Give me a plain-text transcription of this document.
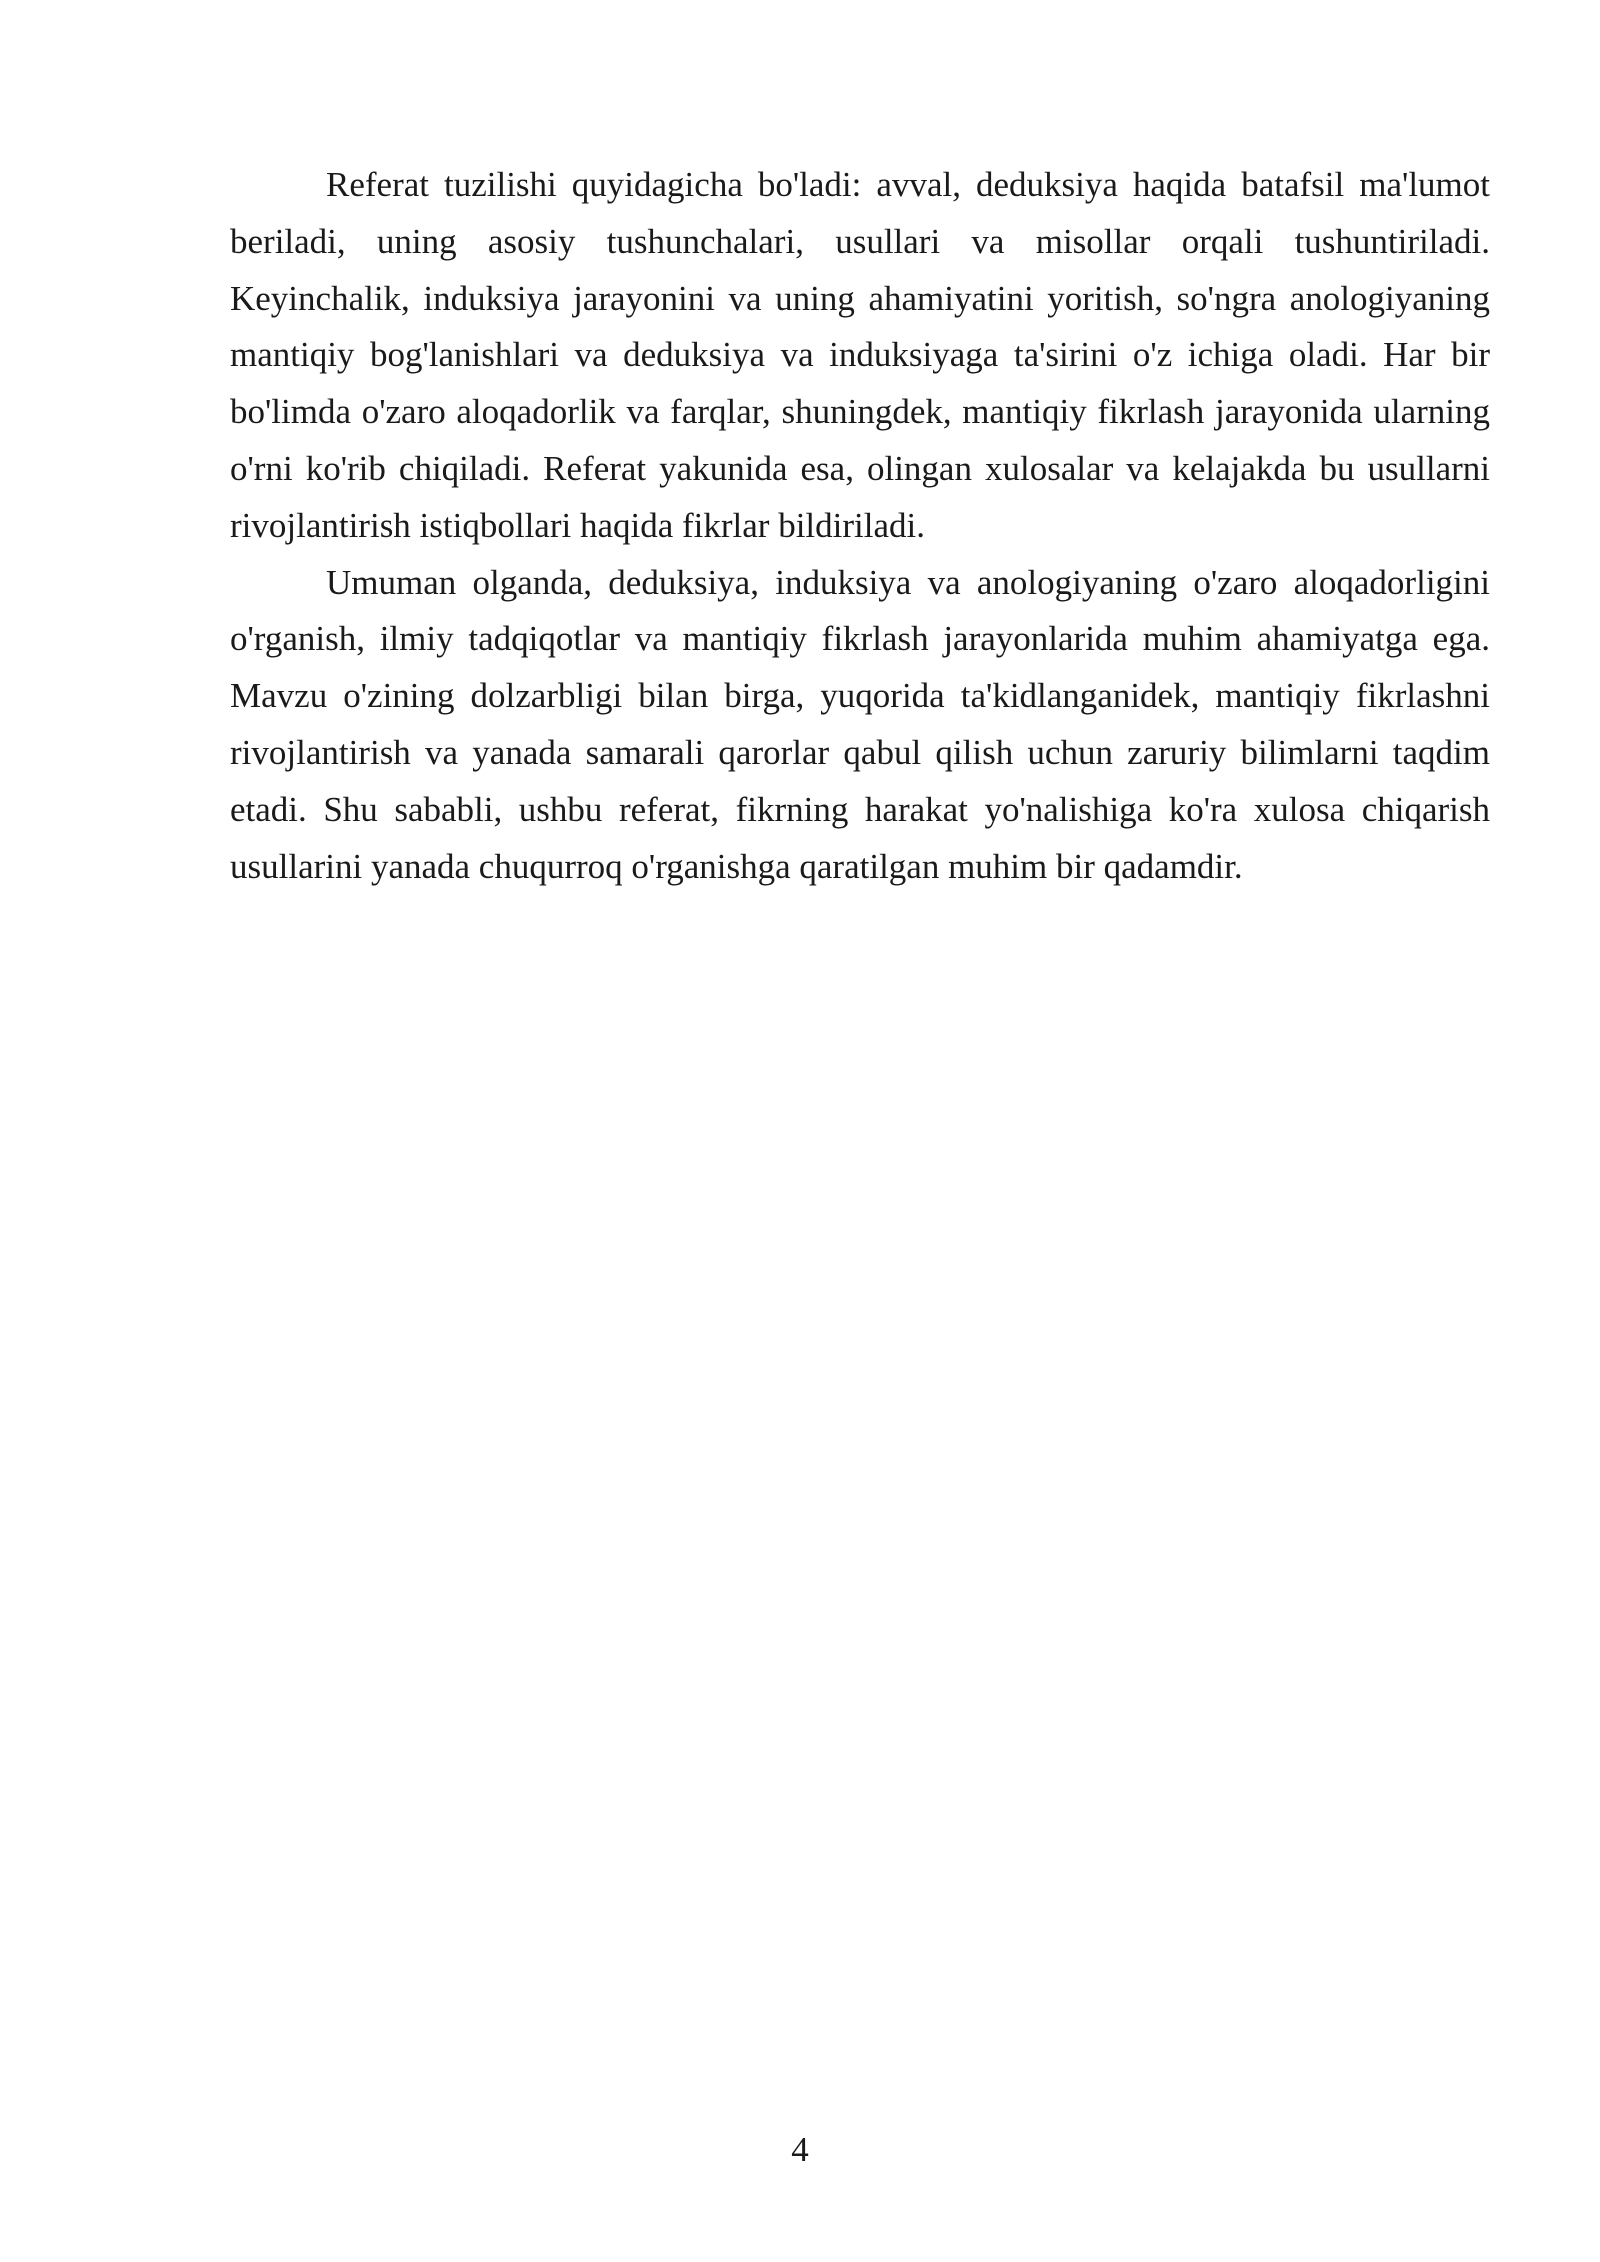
Referat tuzilishi quyidagicha bo'ladi: avval, deduksiya haqida batafsil ma'lumot beriladi, uning asosiy tushunchalari, usullari va misollar orqali tushuntiriladi. Keyinchalik, induksiya jarayonini va uning ahamiyatini yoritish, so'ngra anologiyaning mantiqiy bog'lanishlari va deduksiya va induksiyaga ta'sirini o'z ichiga oladi. Har bir bo'limda o'zaro aloqadorlik va farqlar, shuningdek, mantiqiy fikrlash jarayonida ularning o'rni ko'rib chiqiladi. Referat yakunida esa, olingan xulosalar va kelajakda bu usullarni rivojlantirish istiqbollari haqida fikrlar bildiriladi.

Umuman olganda, deduksiya, induksiya va anologiyaning o'zaro aloqadorligini o'rganish, ilmiy tadqiqotlar va mantiqiy fikrlash jarayonlarida muhim ahamiyatga ega. Mavzu o'zining dolzarbligi bilan birga, yuqorida ta'kidlanganidek, mantiqiy fikrlashni rivojlantirish va yanada samarali qarorlar qabul qilish uchun zaruriy bilimlarni taqdim etadi. Shu sababli, ushbu referat, fikrning harakat yo'nalishiga ko'ra xulosa chiqarish usullarini yanada chuqurroq o'rganishga qaratilgan muhim bir qadamdir.

4
